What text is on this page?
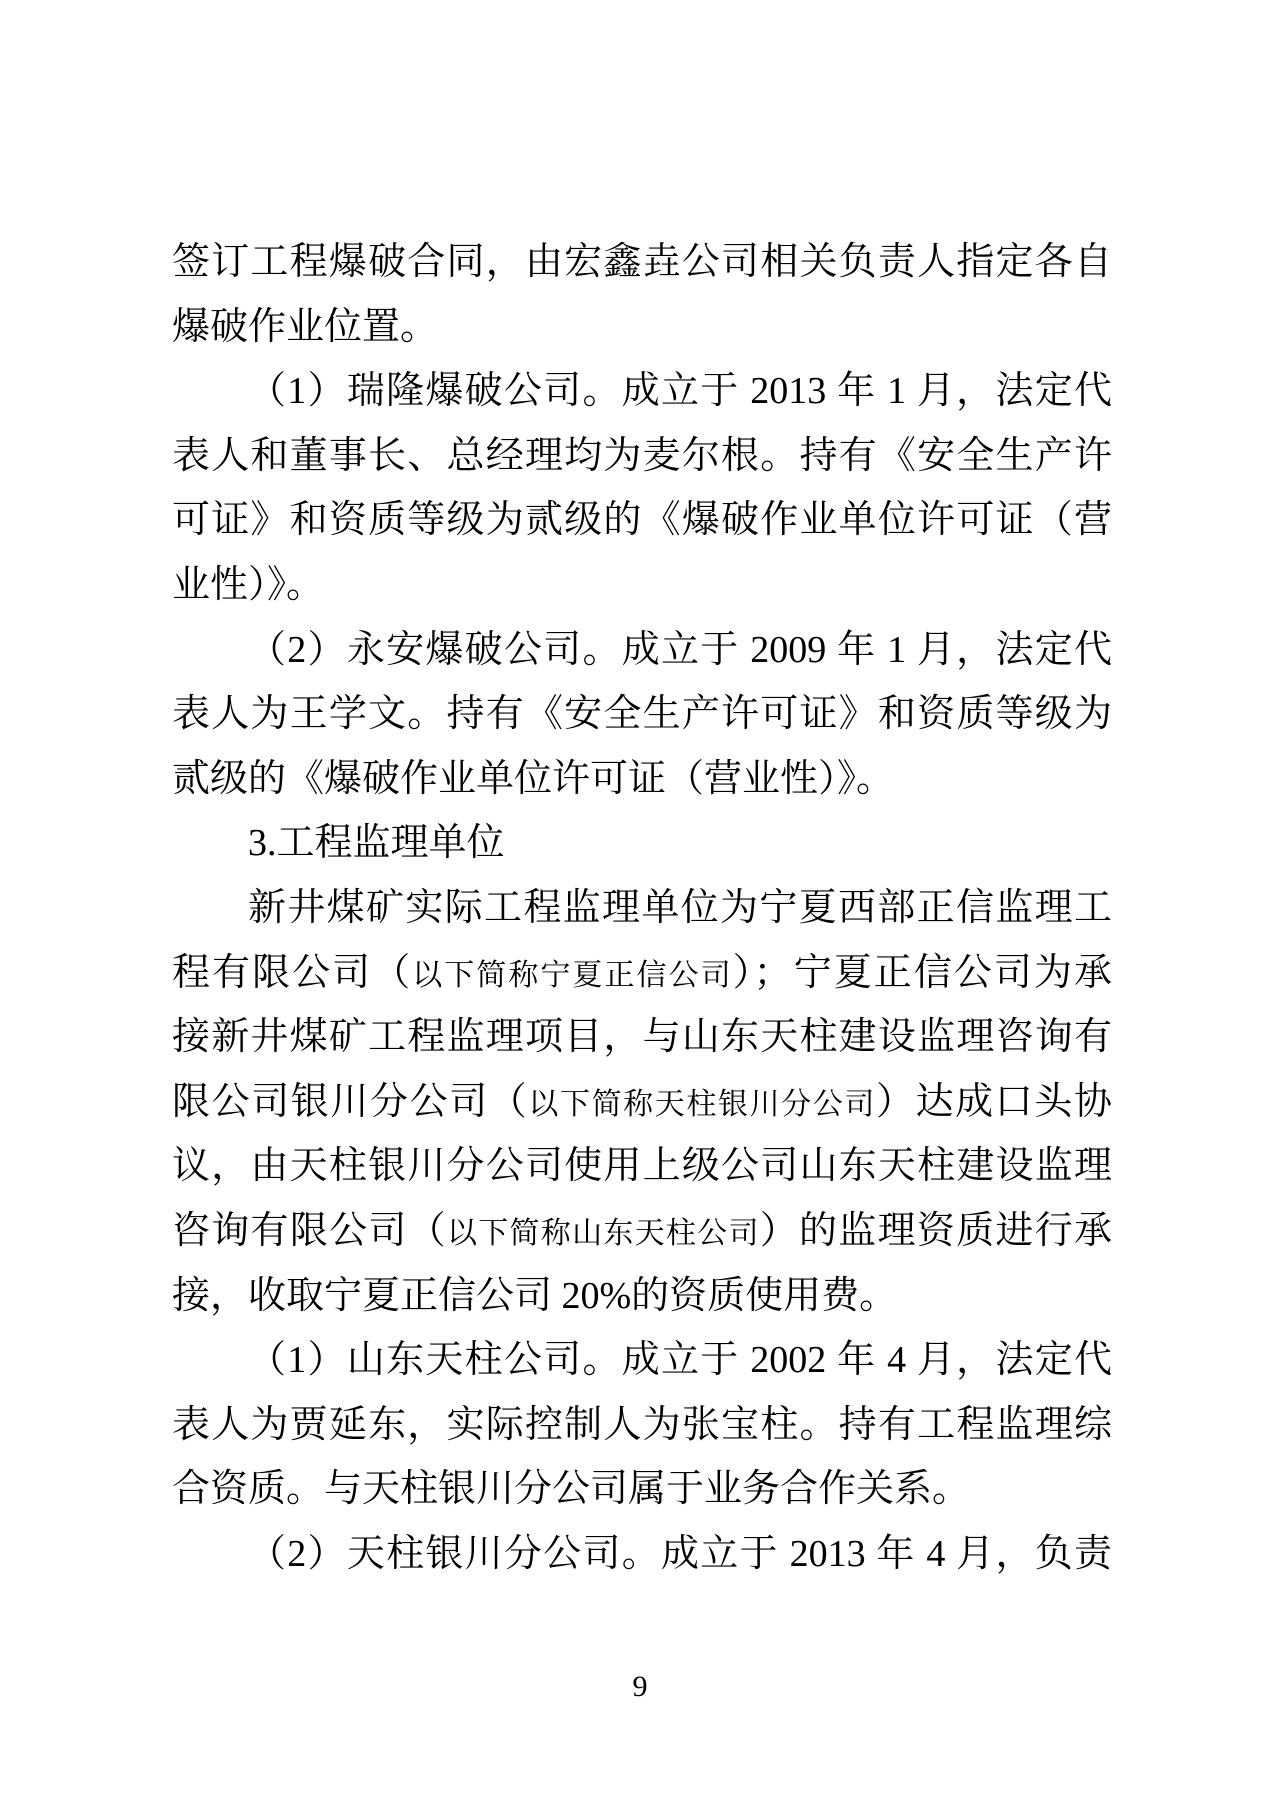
签订工程爆破合同，由宏鑫垚公司相关负责人指定各自
爆破作业位置。
（1）瑞隆爆破公司。成立于 2013 年 1 月，法定代
表人和董事长、总经理均为麦尔根。持有《安全生产许
可证》和资质等级为贰级的《爆破作业单位许可证（营
业性）》。
（2）永安爆破公司。成立于 2009 年 1 月，法定代
表人为王学文。持有《安全生产许可证》和资质等级为
贰级的《爆破作业单位许可证（营业性）》。
3.工程监理单位
新井煤矿实际工程监理单位为宁夏西部正信监理工
程有限公司（以下简称宁夏正信公司）；宁夏正信公司为承
接新井煤矿工程监理项目，与山东天柱建设监理咨询有
限公司银川分公司（以下简称天柱银川分公司）达成口头协
议，由天柱银川分公司使用上级公司山东天柱建设监理
咨询有限公司（以下简称山东天柱公司）的监理资质进行承
接，收取宁夏正信公司 20%的资质使用费。
（1）山东天柱公司。成立于 2002 年 4 月，法定代
表人为贾延东，实际控制人为张宝柱。持有工程监理综
合资质。与天柱银川分公司属于业务合作关系。
（2）天柱银川分公司。成立于 2013 年 4 月，负责
9
